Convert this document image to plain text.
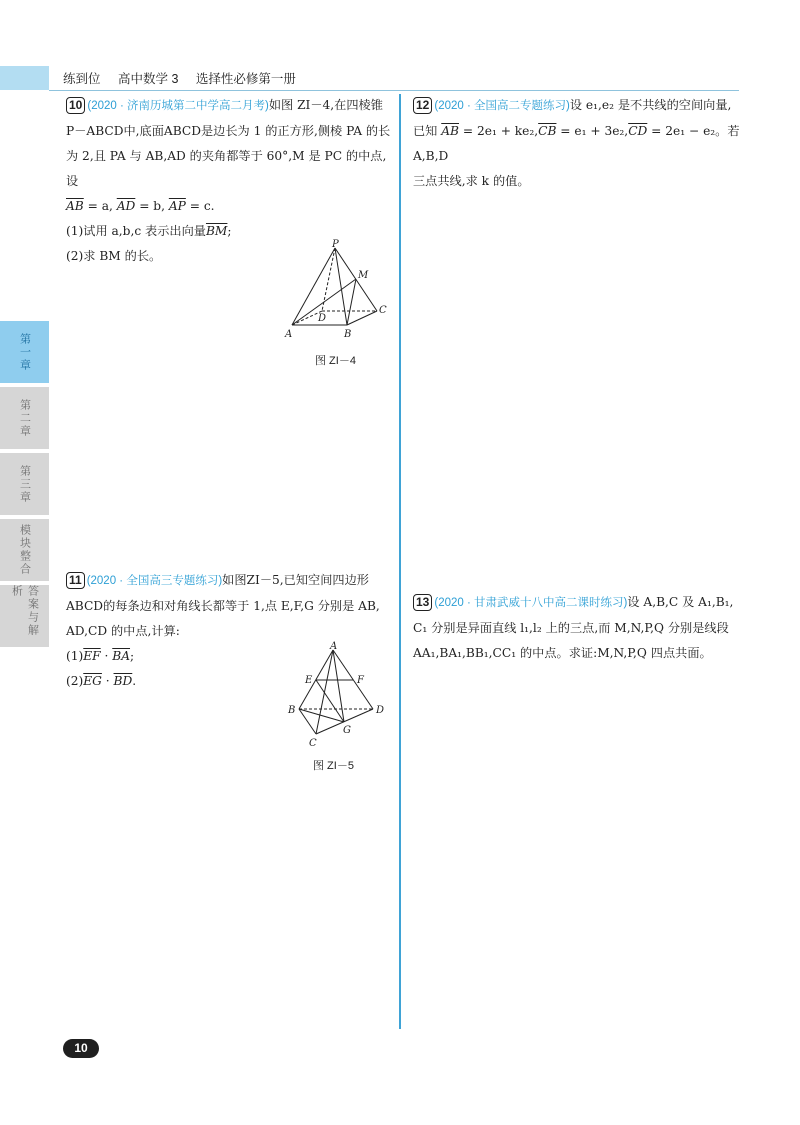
练到位 高中数学 3 选择性必修第一册
第一章
第二章
第三章
模块整合
答案与解析

10 (2020 · 济南历城第二中学高二月考)如图 ZI－4,在四棱锥

P－ABCD中,底面ABCD是边长为 1 的正方形,侧棱 PA 的长

为 2,且 PA 与 AB,AD 的夹角都等于 60°,M 是 PC 的中点,设

$\overline{AB} = a$, $\overline{AD} = b$, $\overline{AP} = c$.

(1)试用 a,b,c 表示出向量$\overline{BM}$;

(2)求 BM 的长。

P
M
D
C
A	B
图 ZI－4

11 (2020 · 全国高三专题练习)如图ZI－5,已知空间四边形

ABCD的每条边和对角线长都等于 1,点 E,F,G 分别是 AB,

AD,CD 的中点,计算:

$(1)\overline{EF} \cdot \overline{BA}$;

$(2)\overline{EG} \cdot \overline{BD}$.

A
E	F
B
G
D
C
图 ZI－5

12 (2020 · 全国高二专题练习)设 e₁,e₂ 是不共线的空间向量,

已知 $\overline{AB} = 2e_1 + ke_2,\overline{CB} = e_1 + 3e_2,\overline{CD} = 2e_1 - e_2$。若 A,B,D

三点共线,求 k 的值。

13 (2020 · 甘肃武威十八中高二课时练习)设 A,B,C 及 A₁,B₁,

C₁ 分别是异面直线 l₁,l₂ 上的三点,而 M,N,P,Q 分别是线段

AA₁,BA₁,BB₁,CC₁ 的中点。求证:M,N,P,Q 四点共面。

10
